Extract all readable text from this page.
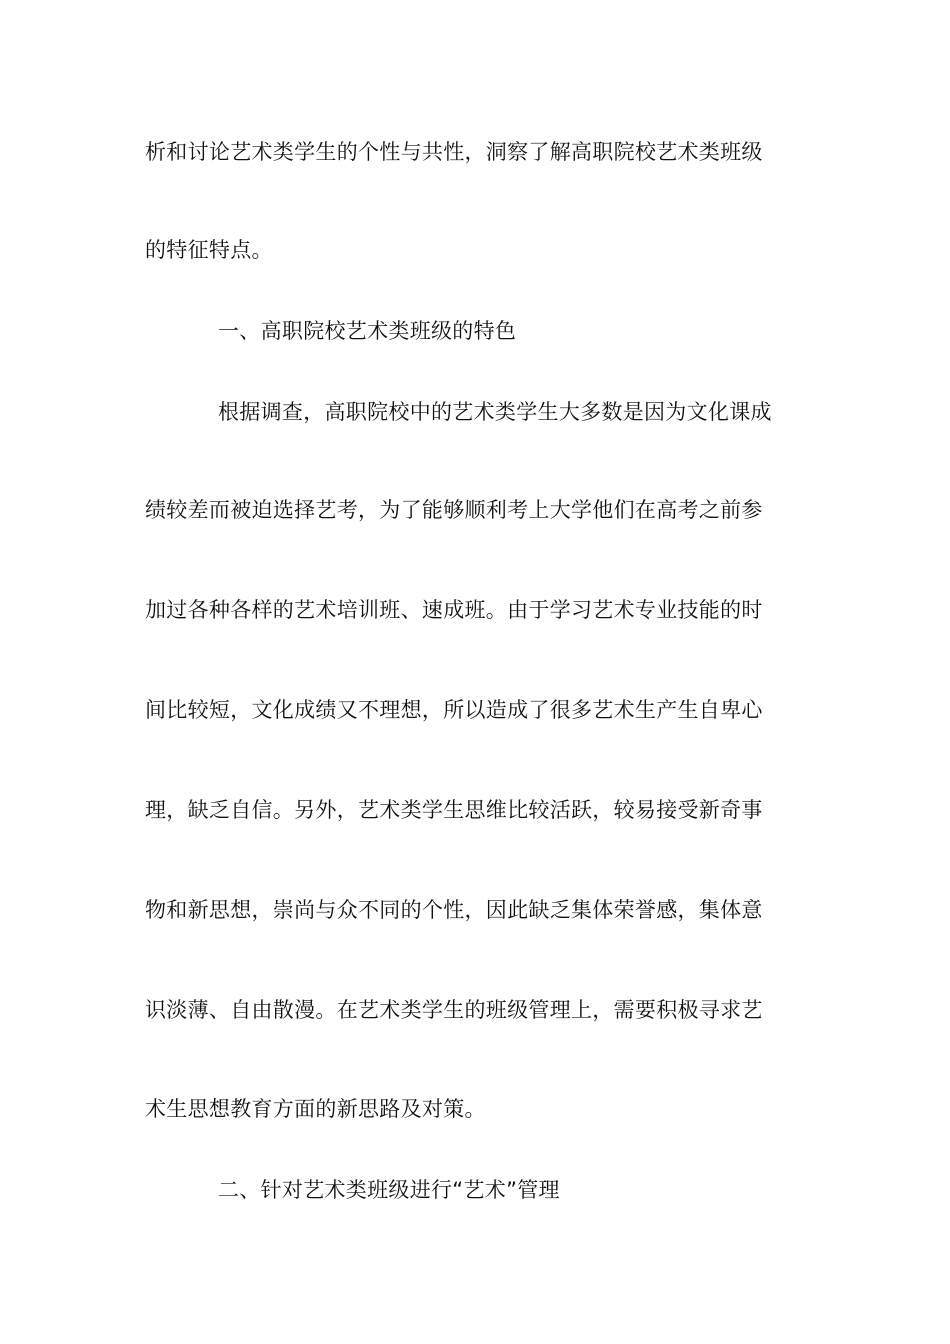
析和讨论艺术类学生的个性与共性，洞察了解高职院校艺术类班级
的特征特点。
一、高职院校艺术类班级的特色
根据调查，高职院校中的艺术类学生大多数是因为文化课成
绩较差而被迫选择艺考，为了能够顺利考上大学他们在高考之前参
加过各种各样的艺术培训班、速成班。由于学习艺术专业技能的时
间比较短，文化成绩又不理想，所以造成了很多艺术生产生自卑心
理，缺乏自信。另外，艺术类学生思维比较活跃，较易接受新奇事
物和新思想，崇尚与众不同的个性，因此缺乏集体荣誉感，集体意
识淡薄、自由散漫。在艺术类学生的班级管理上，需要积极寻求艺
术生思想教育方面的新思路及对策。
二、针对艺术类班级进行“艺术”管理
